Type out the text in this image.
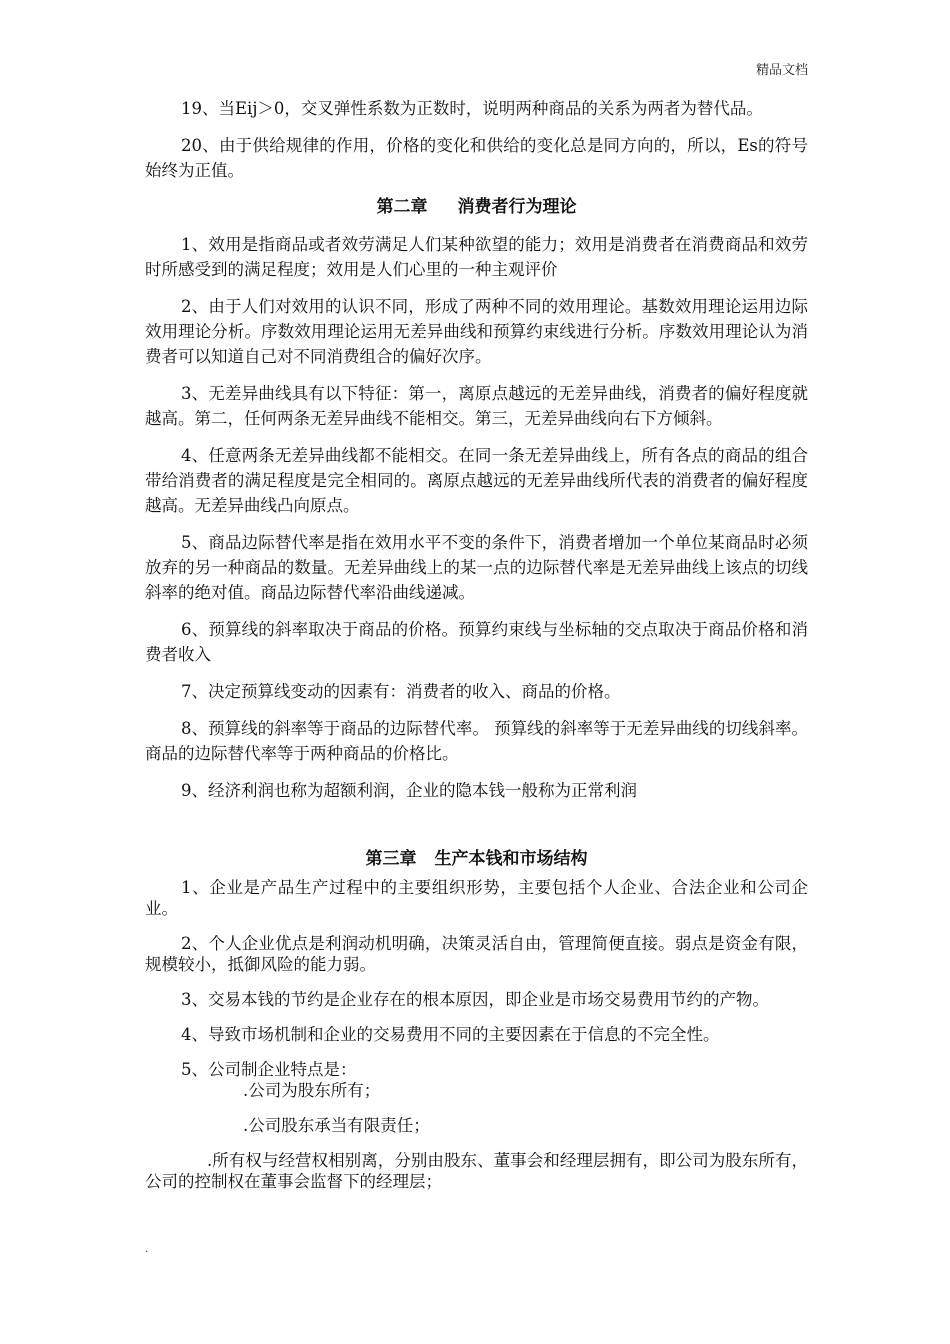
精品文档

19、当Eij＞0，交叉弹性系数为正数时，说明两种商品的关系为两者为替代品。

20、由于供给规律的作用，价格的变化和供给的变化总是同方向的，所以，Es的符号始终为正值。

第二章 消费者行为理论

1、效用是指商品或者效劳满足人们某种欲望的能力；效用是消费者在消费商品和效劳时所感受到的满足程度；效用是人们心里的一种主观评价

2、由于人们对效用的认识不同，形成了两种不同的效用理论。基数效用理论运用边际效用理论分析。序数效用理论运用无差异曲线和预算约束线进行分析。序数效用理论认为消费者可以知道自己对不同消费组合的偏好次序。

3、无差异曲线具有以下特征：第一，离原点越远的无差异曲线，消费者的偏好程度就越高。第二，任何两条无差异曲线不能相交。第三，无差异曲线向右下方倾斜。

4、任意两条无差异曲线都不能相交。在同一条无差异曲线上，所有各点的商品的组合带给消费者的满足程度是完全相同的。离原点越远的无差异曲线所代表的消费者的偏好程度越高。无差异曲线凸向原点。

5、商品边际替代率是指在效用水平不变的条件下，消费者增加一个单位某商品时必须放弃的另一种商品的数量。无差异曲线上的某一点的边际替代率是无差异曲线上该点的切线斜率的绝对值。商品边际替代率沿曲线递减。

6、预算线的斜率取决于商品的价格。预算约束线与坐标轴的交点取决于商品价格和消费者收入

7、决定预算线变动的因素有：消费者的收入、商品的价格。

8、预算线的斜率等于商品的边际替代率。 预算线的斜率等于无差异曲线的切线斜率。商品的边际替代率等于两种商品的价格比。

9、经济利润也称为超额利润，企业的隐本钱一般称为正常利润

第三章 生产本钱和市场结构

1、企业是产品生产过程中的主要组织形势，主要包括个人企业、合法企业和公司企业。

2、个人企业优点是利润动机明确，决策灵活自由，管理简便直接。弱点是资金有限，规模较小，抵御风险的能力弱。

3、交易本钱的节约是企业存在的根本原因，即企业是市场交易费用节约的产物。

4、导致市场机制和企业的交易费用不同的主要因素在于信息的不完全性。

5、公司制企业特点是：

.公司为股东所有；

.公司股东承当有限责任；

.所有权与经营权相别离，分别由股东、董事会和经理层拥有，即公司为股东所有，公司的控制权在董事会监督下的经理层；

.
